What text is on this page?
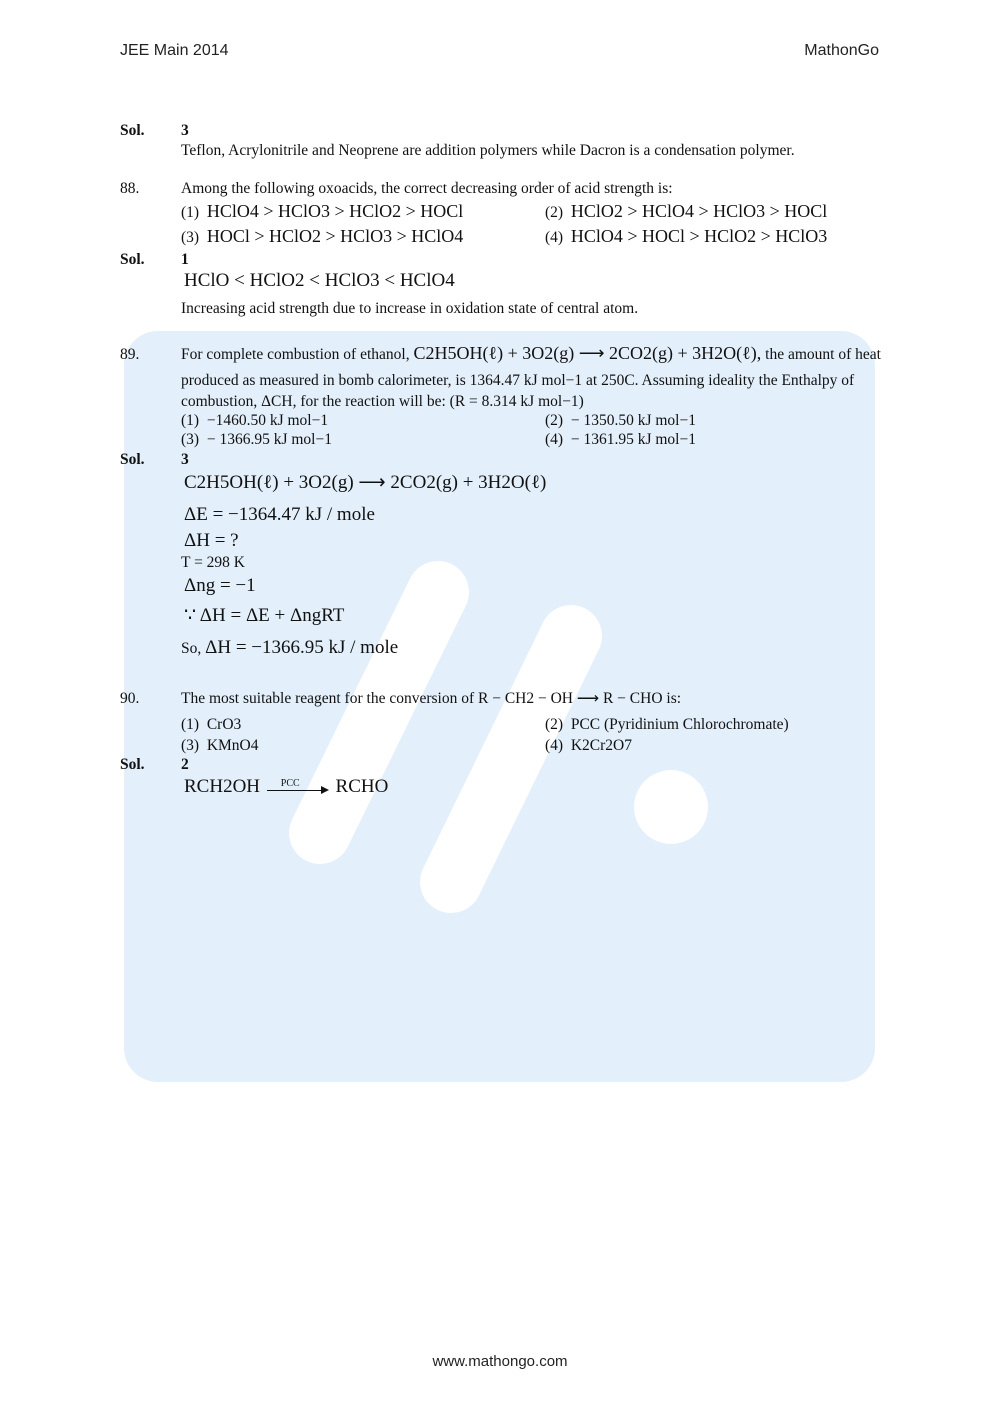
JEE Main 2014	MathonGo
Sol. 3
Teflon, Acrylonitrile and Neoprene are addition polymers while Dacron is a condensation polymer.
88.	Among the following oxoacids, the correct decreasing order of acid strength is:
(1) HClO4 > HClO3 > HClO2 > HOCl	(2) HClO2 > HClO4 > HClO3 > HOCl
(3) HOCl > HClO2 > HClO3 > HClO4	(4) HClO4 > HOCl > HClO2 > HClO3
Sol. 1
HClO < HClO2 < HClO3 < HClO4
Increasing acid strength due to increase in oxidation state of central atom.
89.	For complete combustion of ethanol, C2H5OH(ℓ) + 3O2(g) ⟶ 2CO2(g) + 3H2O(ℓ), the amount of heat
produced as measured in bomb calorimeter, is 1364.47 kJ mol−1 at 250C. Assuming ideality the Enthalpy of
combustion, ΔCH, for the reaction will be: (R = 8.314 kJ mol−1)
(1) −1460.50 kJ mol−1	(2) − 1350.50 kJ mol−1
(3) − 1366.95 kJ mol−1	(4) − 1361.95 kJ mol−1
Sol. 3
C2H5OH(ℓ) + 3O2(g) ⟶ 2CO2(g) + 3H2O(ℓ)
ΔE = −1364.47 kJ / mole
ΔH = ?
T = 298 K
Δng = −1
∵ ΔH = ΔE + ΔngRT
So, ΔH = −1366.95 kJ / mole
90.	The most suitable reagent for the conversion of R − CH2 − OH ⟶ R − CHO is:
(1) CrO3	(2) PCC (Pyridinium Chlorochromate)
(3) KMnO4	(4) K2Cr2O7
Sol. 2
RCH2OH PCC RCHO
www.mathongo.com
